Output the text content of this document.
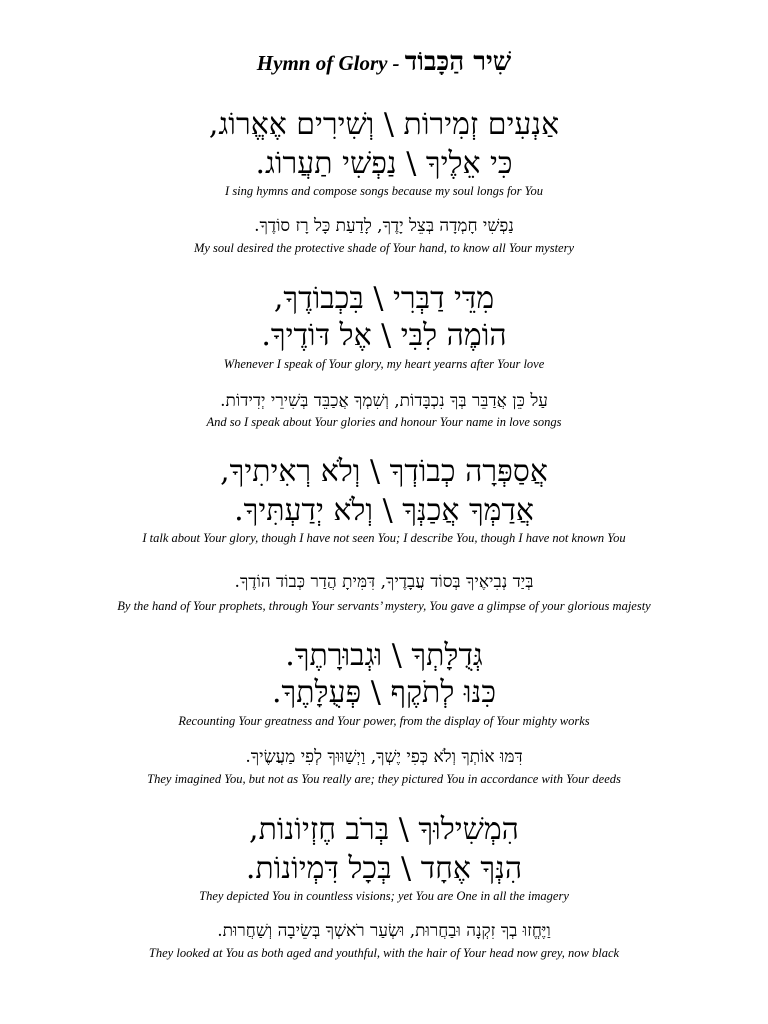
Hymn of Glory - שִׁיר הַכָּבוֹד
אַנְעִים זְמִירוֹת \ וְשִׁירִים אֶאֱרוֹג,
כִּי אֵלֶיךָ \ נַפְשִׁי תַעֲרוֹג.
I sing hymns and compose songs because my soul longs for You
נַפְשִׁי חָמְדָה בְּצֵל יָדֶךָ, לָדַעַת כָּל רָז סוֹדֶךָ.
My soul desired the protective shade of Your hand, to know all Your mystery
מִדֵּי דַבְּרִי \ בִּכְבוֹדֶךָ,
הוֹמֶה לִבִּי \ אֶל דּוֹדֶיךָ.
Whenever I speak of Your glory, my heart yearns after Your love
עַל כֵּן אֲדַבֵּר בְּךָ נִכְבָּדוֹת, וְשִׁמְךָ אֲכַבֵּד בְּשִׁירֵי יְדִידוֹת.
And so I speak about Your glories and honour Your name in love songs
אֲסַפְּרָה כְבוֹדְךָ \ וְלֹא רְאִיתִיךָ,
אֲדַמְּךָ אֲכַנְּךָ \ וְלֹא יְדַעְתִּיךָ.
I talk about Your glory, though I have not seen You; I describe You, though I have not known You
בְּיַד נְבִיאֶיךָ בְּסוֹד עֲבָדֶיךָ, דִּמִּיתָ הֲדַר כְּבוֹד הוֹדֶךָ.
By the hand of Your prophets, through Your servants’ mystery, You gave a glimpse of your glorious majesty
גְּדֻלָּתְךָ \ וּגְבוּרָתֶךָ.
כִּנּוּ לְתֹקֶף \ פְּעֻלָּתֶךָ.
Recounting Your greatness and Your power, from the display of Your mighty works
דִּמּוּ אוֹתְךָ וְלֹא כְּפִי יֶשְׁךָ, וַיְשַׁוּוּךָ לְפִי מַעֲשֶׂיךָ.
They imagined You, but not as You really are; they pictured You in accordance with Your deeds
הִמְשִׁילוּךָ \ בְּרֹב חֶזְיוֹנוֹת,
הִנְּךָ אֶחָד \ בְּכָל דִּמְיוֹנוֹת.
They depicted You in countless visions; yet You are One in all the imagery
וַיֶּחֱזוּ בְךָ זִקְנָה וּבַחֲרוּת, וּשְׂעַר רֹאשְׁךָ בְּשֵׂיבָה וְשַׁחֲרוּת.
They looked at You as both aged and youthful, with the hair of Your head now grey, now black
